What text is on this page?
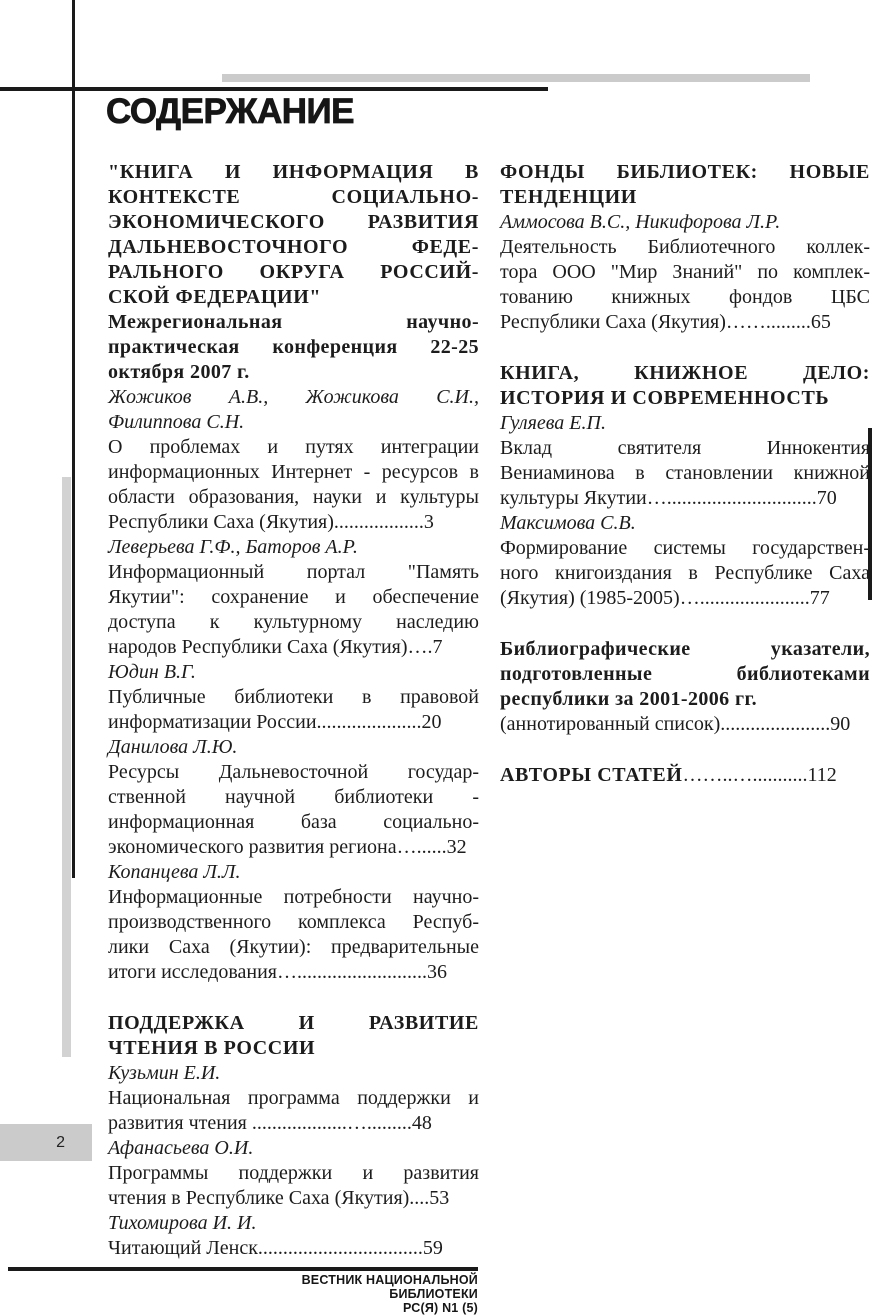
СОДЕРЖАНИЕ
"КНИГА И ИНФОРМАЦИЯ В
КОНТЕКСТЕ СОЦИАЛЬНО-
ЭКОНОМИЧЕСКОГО РАЗВИТИЯ
ДАЛЬНЕВОСТОЧНОГО ФЕДЕ-
РАЛЬНОГО ОКРУГА РОССИЙ-
СКОЙ ФЕДЕРАЦИИ"
Межрегиональная научно-
практическая конференция 22-25
октября 2007 г.
Жожиков А.В., Жожикова С.И.,
Филиппова С.Н.
О проблемах и путях интеграции
информационных Интернет - ресурсов в
области образования, науки и культуры
Республики Саха (Якутия)..................3
Леверьева Г.Ф., Баторов А.Р.
Информационный портал "Память
Якутии": сохранение и обеспечение
доступа к культурному наследию
народов Республики Саха (Якутия)….7
Юдин В.Г.
Публичные библиотеки в правовой
информатизации России.....................20
Данилова Л.Ю.
Ресурсы Дальневосточной государ-
ственной научной библиотеки -
информационная база социально-
экономического развития региона…......32
Копанцева Л.Л.
Информационные потребности научно-
производственного комплекса Респуб-
лики Саха (Якутии): предварительные
итоги исследования…..........................36
ПОДДЕРЖКА И РАЗВИТИЕ
ЧТЕНИЯ В РОССИИ
Кузьмин Е.И.
Национальная программа поддержки и
развития чтения ...................….........48
Афанасьева О.И.
Программы поддержки и развития
чтения в Республике Саха (Якутия)....53
Тихомирова И. И.
Читающий Ленск.................................59
ФОНДЫ БИБЛИОТЕК: НОВЫЕ
ТЕНДЕНЦИИ
Аммосова В.С., Никифорова Л.Р.
Деятельность Библиотечного коллек-
тора ООО "Мир Знаний" по комплек-
тованию книжных фондов ЦБС
Республики Саха (Якутия)…….........65
КНИГА, КНИЖНОЕ ДЕЛО:
ИСТОРИЯ И СОВРЕМЕННОСТЬ
Гуляева Е.П.
Вклад святителя Иннокентия
Вениаминова в становлении книжной
культуры Якутии…..............................70
Максимова С.В.
Формирование системы государствен-
ного книгоиздания в Республике Саха
(Якутия) (1985-2005)…......................77
Библиографические указатели,
подготовленные библиотеками
республики за 2001-2006 гг.
(аннотированный список)......................90
АВТОРЫ СТАТЕЙ……..…...........112
2
ВЕСТНИК НАЦИОНАЛЬНОЙ
БИБЛИОТЕКИ
РС(Я) N1 (5)
